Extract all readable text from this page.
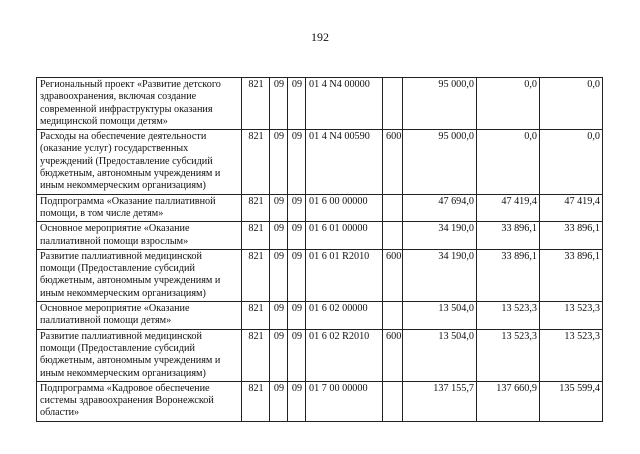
192
Региональный проект «Развитие детского здравоохранения, включая создание современной инфраструктуры оказания медицинской помощи детям»	821	09	09	01 4 N4 00000		95 000,0	0,0	0,0
Расходы на обеспечение деятельности (оказание услуг) государственных учреждений (Предоставление субсидий бюджетным, автономным учреждениям и иным некоммерческим организациям)	821	09	09	01 4 N4 00590	600	95 000,0	0,0	0,0
Подпрограмма «Оказание паллиативной помощи, в том числе детям»	821	09	09	01 6 00 00000		47 694,0	47 419,4	47 419,4
Основное мероприятие «Оказание паллиативной помощи взрослым»	821	09	09	01 6 01 00000		34 190,0	33 896,1	33 896,1
Развитие паллиативной медицинской помощи (Предоставление субсидий бюджетным, автономным учреждениям и иным некоммерческим организациям)	821	09	09	01 6 01 R2010	600	34 190,0	33 896,1	33 896,1
Основное мероприятие «Оказание паллиативной помощи детям»	821	09	09	01 6 02 00000		13 504,0	13 523,3	13 523,3
Развитие паллиативной медицинской помощи (Предоставление субсидий бюджетным, автономным учреждениям и иным некоммерческим организациям)	821	09	09	01 6 02 R2010	600	13 504,0	13 523,3	13 523,3
Подпрограмма «Кадровое обеспечение системы здравоохранения Воронежской области»	821	09	09	01 7 00 00000		137 155,7	137 660,9	135 599,4
